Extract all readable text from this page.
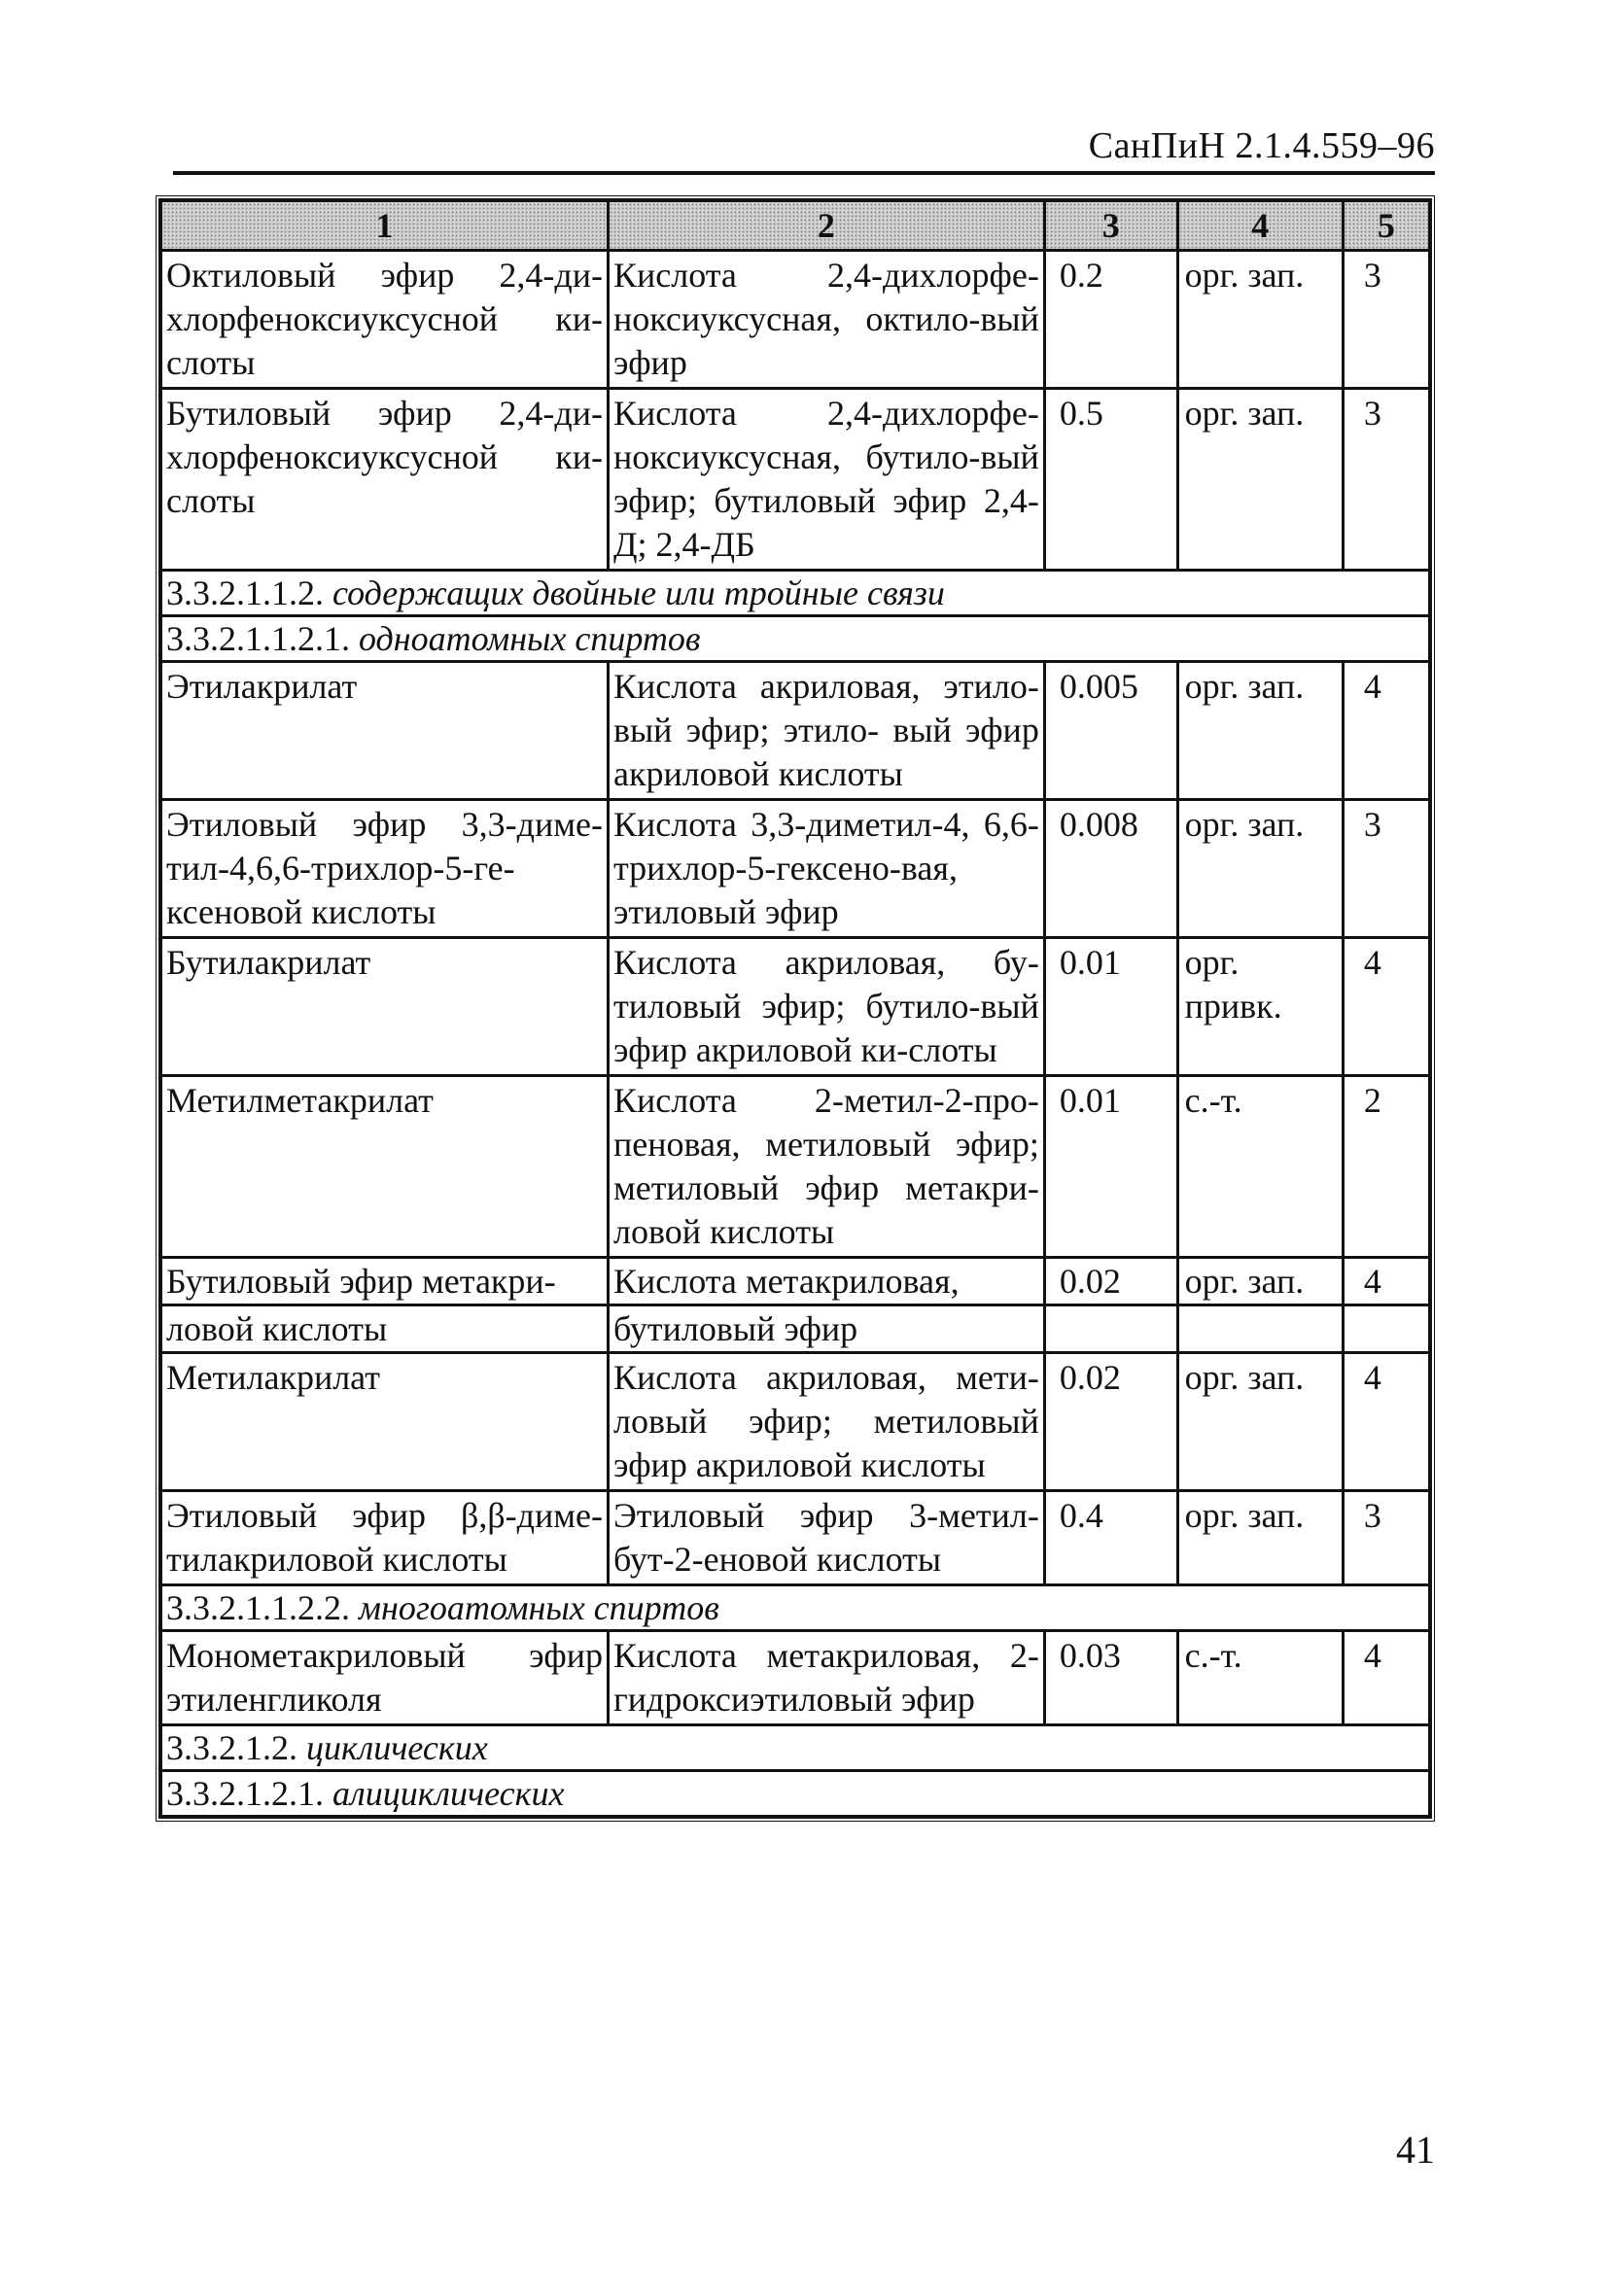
СанПиН 2.1.4.559–96
1	2	3	4	5
Октиловый эфир 2,4-ди-хлорфеноксиуксусной ки-слоты	Кислота 2,4-дихлорфе-ноксиуксусная, октило-вый эфир	0.2	орг. зап.	3
Бутиловый эфир 2,4-ди-хлорфеноксиуксусной ки-слоты	Кислота 2,4-дихлорфе-ноксиуксусная, бутило-вый эфир; бутиловый эфир 2,4-Д; 2,4-ДБ	0.5	орг. зап.	3
3.3.2.1.1.2. содержащих двойные или тройные связи				
3.3.2.1.1.2.1. одноатомных спиртов				
Этилакрилат	Кислота акриловая, этило-вый эфир; этило- вый эфир акриловой кислоты	0.005	орг. зап.	4
Этиловый эфир 3,3-диме-тил-4,6,6-трихлор-5-ге-ксеновой кислоты	Кислота 3,3-диметил-4, 6,6-трихлор-5-гексено-вая, этиловый эфир	0.008	орг. зап.	3
Бутилакрилат	Кислота акриловая, бу-тиловый эфир; бутило-вый эфир акриловой ки-слоты	0.01	орг. привк.	4
Метилметакрилат	Кислота 2-метил-2-про-пеновая, метиловый эфир; метиловый эфир метакри-ловой кислоты	0.01	с.-т.	2
Бутиловый эфир метакри-	Кислота метакриловая,	0.02	орг. зап.	4
ловой кислоты	бутиловый эфир			
Метилакрилат	Кислота акриловая, мети-ловый эфир; метиловый эфир акриловой кислоты	0.02	орг. зап.	4
Этиловый эфир β,β-диме-тилакриловой кислоты	Этиловый эфир 3-метил-бут-2-еновой кислоты	0.4	орг. зап.	3
3.3.2.1.1.2.2. многоатомных спиртов				
Монометакриловый эфир этиленгликоля	Кислота метакриловая, 2-гидроксиэтиловый эфир	0.03	с.-т.	4
3.3.2.1.2. циклических				
3.3.2.1.2.1. алициклических				
41
